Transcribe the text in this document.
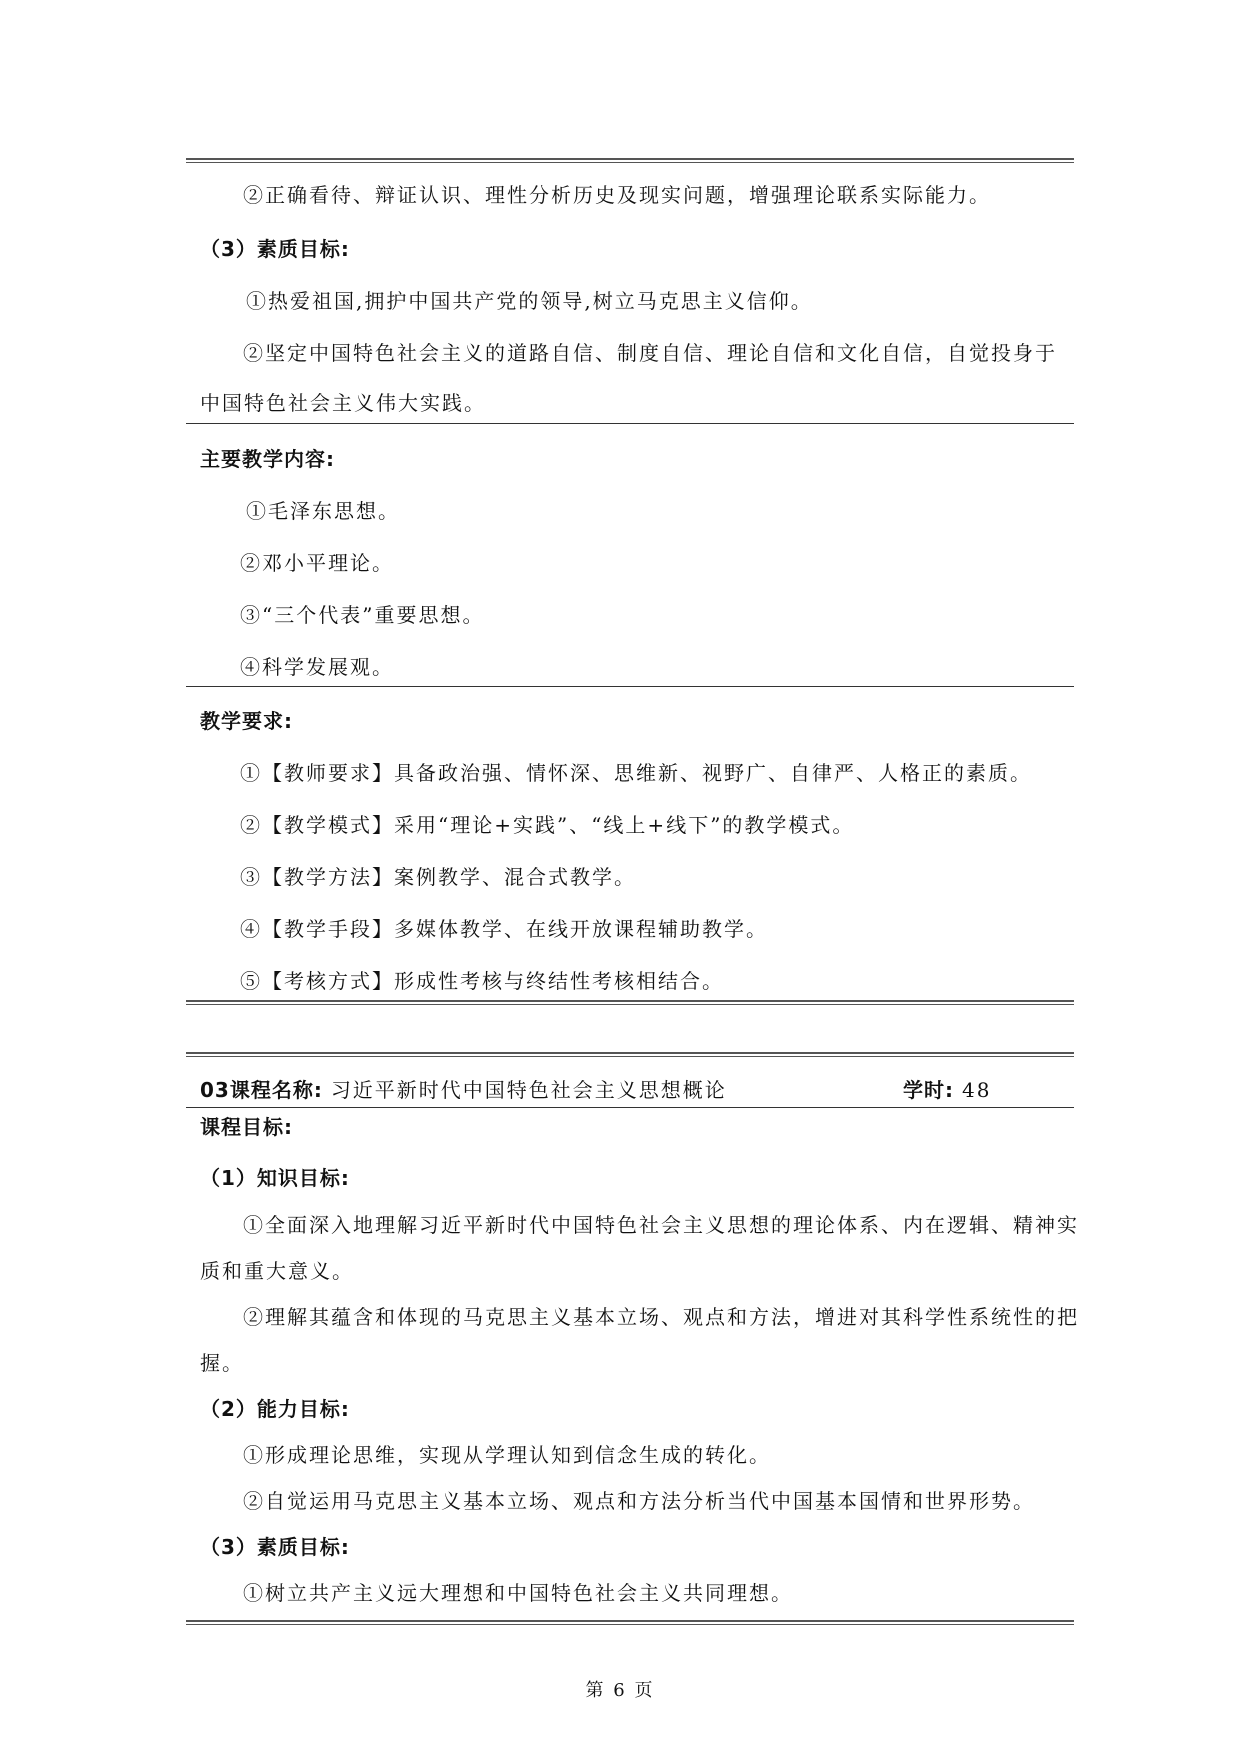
②正确看待、辩证认识、理性分析历史及现实问题，增强理论联系实际能力。
（3）素质目标:
①热爱祖国,拥护中国共产党的领导,树立马克思主义信仰。
②坚定中国特色社会主义的道路自信、制度自信、理论自信和文化自信，自觉投身于
中国特色社会主义伟大实践。
主要教学内容:
①毛泽东思想。
②邓小平理论。
③“三个代表”重要思想。
④科学发展观。
教学要求:
①【教师要求】具备政治强、情怀深、思维新、视野广、自律严、人格正的素质。
②【教学模式】采用“理论+实践”、“线上+线下”的教学模式。
③【教学方法】案例教学、混合式教学。
④【教学手段】多媒体教学、在线开放课程辅助教学。
⑤【考核方式】形成性考核与终结性考核相结合。
03课程名称: 习近平新时代中国特色社会主义思想概论	学时: 48
课程目标:
（1）知识目标:
①全面深入地理解习近平新时代中国特色社会主义思想的理论体系、内在逻辑、精神实
质和重大意义。
②理解其蕴含和体现的马克思主义基本立场、观点和方法，增进对其科学性系统性的把
握。
（2）能力目标:
①形成理论思维，实现从学理认知到信念生成的转化。
②自觉运用马克思主义基本立场、观点和方法分析当代中国基本国情和世界形势。
（3）素质目标:
①树立共产主义远大理想和中国特色社会主义共同理想。
第 6 页
